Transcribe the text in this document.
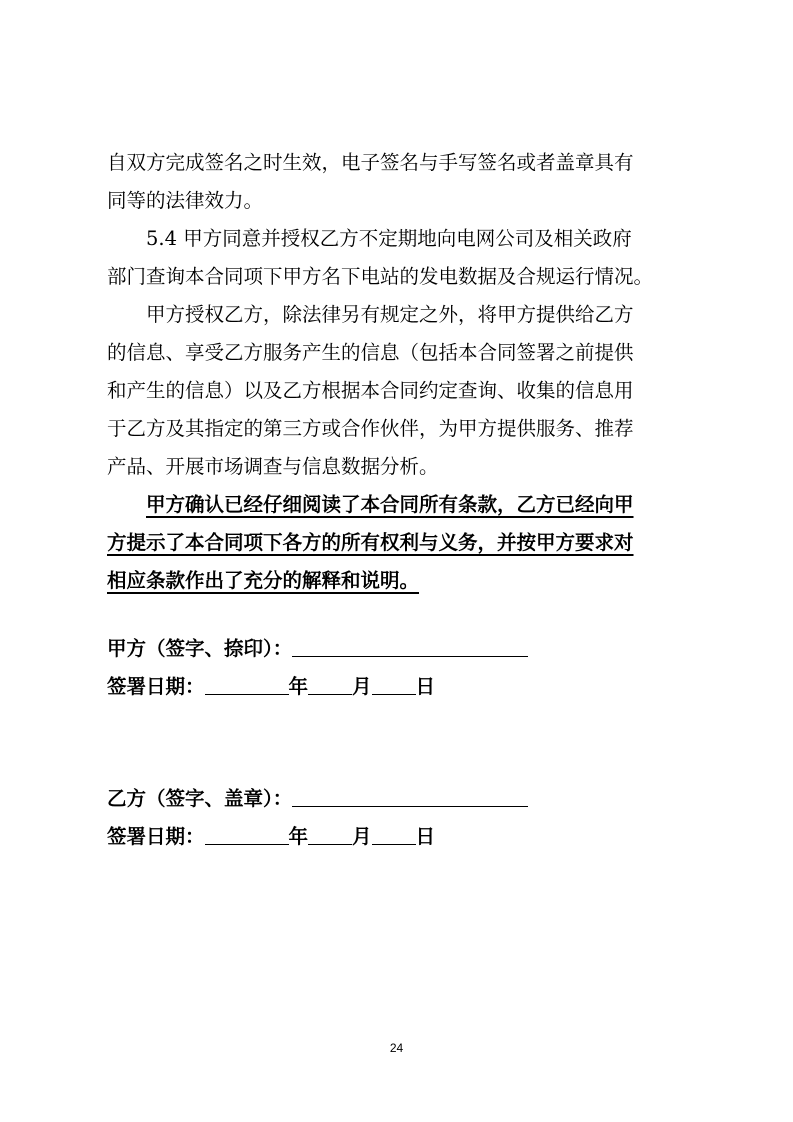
自双方完成签名之时生效，电子签名与手写签名或者盖章具有
同等的法律效力。
5.4 甲方同意并授权乙方不定期地向电网公司及相关政府
部门查询本合同项下甲方名下电站的发电数据及合规运行情况。
甲方授权乙方，除法律另有规定之外，将甲方提供给乙方
的信息、享受乙方服务产生的信息（包括本合同签署之前提供
和产生的信息）以及乙方根据本合同约定查询、收集的信息用
于乙方及其指定的第三方或合作伙伴，为甲方提供服务、推荐
产品、开展市场调查与信息数据分析。
甲方确认已经仔细阅读了本合同所有条款，乙方已经向甲
方提示了本合同项下各方的所有权利与义务，并按甲方要求对
相应条款作出了充分的解释和说明。
甲方（签字、捺印）：
签署日期：	年 月 日
乙方（签字、盖章）：
签署日期：	年 月 日
24
